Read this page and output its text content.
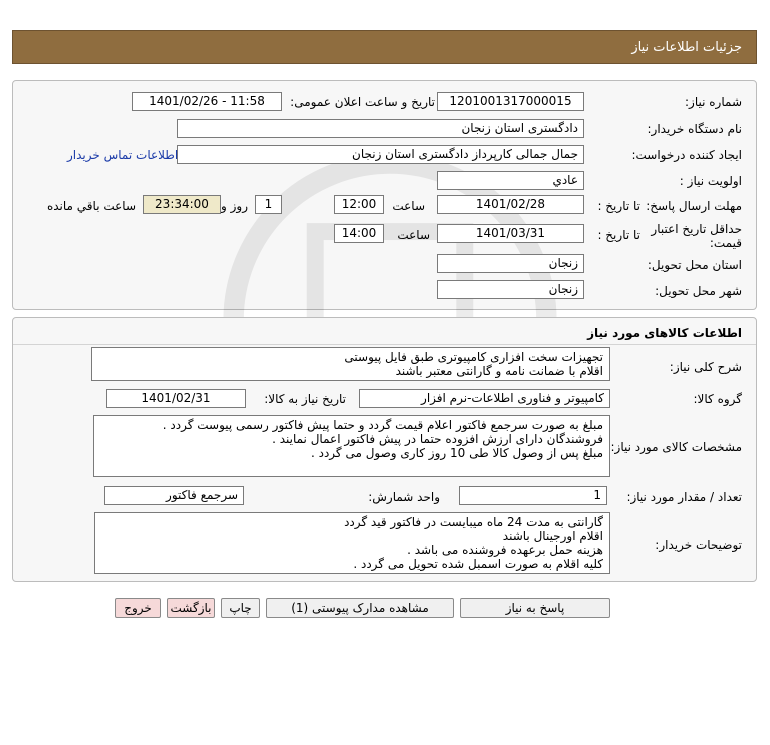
جزئيات اطلاعات نياز
شماره نیاز:
1201001317000015
تاریخ و ساعت اعلان عمومی:
1401/02/26 - 11:58
نام دستگاه خریدار:
دادگستری استان زنجان
ایجاد کننده درخواست:
جمال جمالی کارپرداز دادگستری استان زنجان
اطلاعات تماس خریدار
اولویت نیاز :
عادي
مهلت ارسال پاسخ:
تا تاریخ :
1401/02/28
ساعت
12:00
1
روز و
23:34:00
ساعت باقي مانده
حداقل تاریخ اعتبار قیمت:
تا تاریخ :
1401/03/31
ساعت
14:00
استان محل تحویل:
زنجان
شهر محل تحویل:
زنجان
اطلاعات کالاهای مورد نیاز
شرح کلی نیاز:
تجهیزات سخت افزاری کامپیوتری طبق فایل پیوستی
اقلام با ضمانت نامه و گارانتی معتبر باشند
گروه کالا:
کامپیوتر و فناوری اطلاعات-نرم افزار
تاریخ نیاز به کالا:
1401/02/31
مشخصات کالای مورد نیاز:
مبلغ به صورت سرجمع فاکتور اعلام قیمت گردد و حتما پیش فاکتور رسمی پیوست گردد .
فروشندگان دارای ارزش افزوده حتما در پیش فاکتور اعمال نمایند .
مبلغ پس از وصول کالا طی 10 روز کاری وصول می گردد .
تعداد / مقدار مورد نیاز:
1
واحد شمارش:
سرجمع فاکتور
توضیحات خریدار:
گارانتی به مدت 24 ماه میبایست در فاکتور قید گردد
اقلام اورجینال باشند
هزینه حمل برعهده فروشنده می باشد .
کلیه اقلام به صورت اسمبل شده تحویل می گردد .
پاسخ به نیاز
مشاهده مدارک پیوستی (1)
چاپ
بازگشت
خروج
